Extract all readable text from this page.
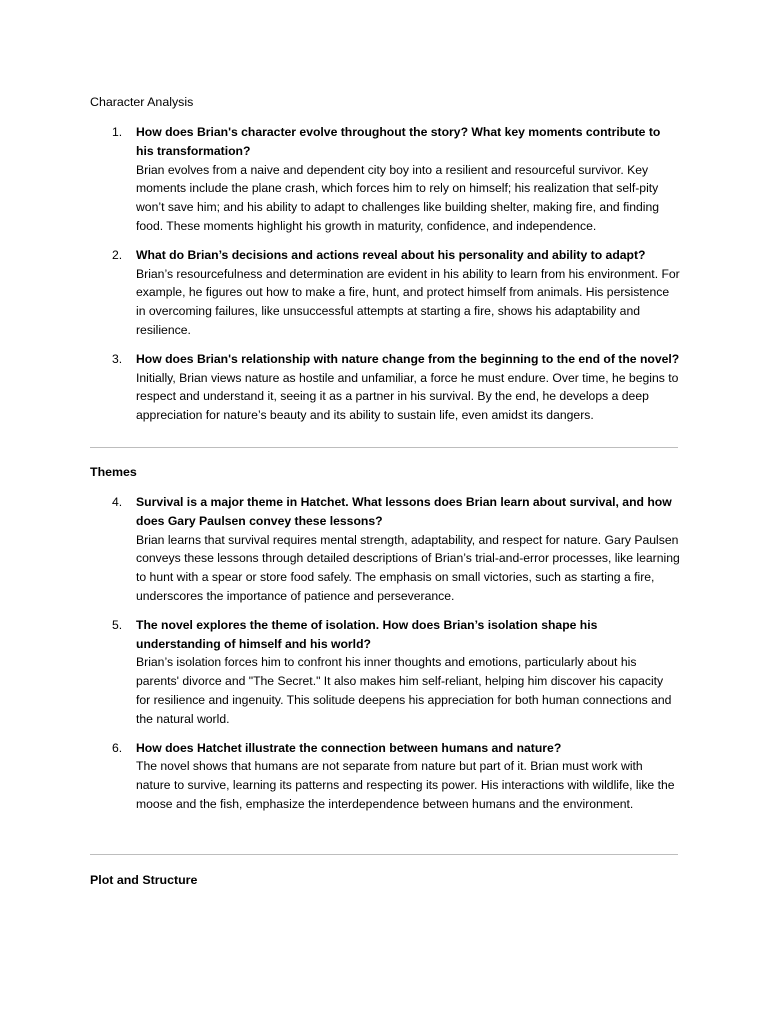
Character Analysis
1. How does Brian's character evolve throughout the story? What key moments contribute to his transformation?

Brian evolves from a naive and dependent city boy into a resilient and resourceful survivor. Key moments include the plane crash, which forces him to rely on himself; his realization that self-pity won’t save him; and his ability to adapt to challenges like building shelter, making fire, and finding food. These moments highlight his growth in maturity, confidence, and independence.

2. What do Brian’s decisions and actions reveal about his personality and ability to adapt?

Brian’s resourcefulness and determination are evident in his ability to learn from his environment. For example, he figures out how to make a fire, hunt, and protect himself from animals. His persistence in overcoming failures, like unsuccessful attempts at starting a fire, shows his adaptability and resilience.

3. How does Brian's relationship with nature change from the beginning to the end of the novel?

Initially, Brian views nature as hostile and unfamiliar, a force he must endure. Over time, he begins to respect and understand it, seeing it as a partner in his survival. By the end, he develops a deep appreciation for nature’s beauty and its ability to sustain life, even amidst its dangers.

Themes
4. Survival is a major theme in Hatchet. What lessons does Brian learn about survival, and how does Gary Paulsen convey these lessons?

Brian learns that survival requires mental strength, adaptability, and respect for nature. Gary Paulsen conveys these lessons through detailed descriptions of Brian’s trial-and-error processes, like learning to hunt with a spear or store food safely. The emphasis on small victories, such as starting a fire, underscores the importance of patience and perseverance.

5. The novel explores the theme of isolation. How does Brian’s isolation shape his understanding of himself and his world?

Brian’s isolation forces him to confront his inner thoughts and emotions, particularly about his parents' divorce and "The Secret." It also makes him self-reliant, helping him discover his capacity for resilience and ingenuity. This solitude deepens his appreciation for both human connections and the natural world.

6. How does Hatchet illustrate the connection between humans and nature?

The novel shows that humans are not separate from nature but part of it. Brian must work with nature to survive, learning its patterns and respecting its power. His interactions with wildlife, like the moose and the fish, emphasize the interdependence between humans and the environment.

Plot and Structure
